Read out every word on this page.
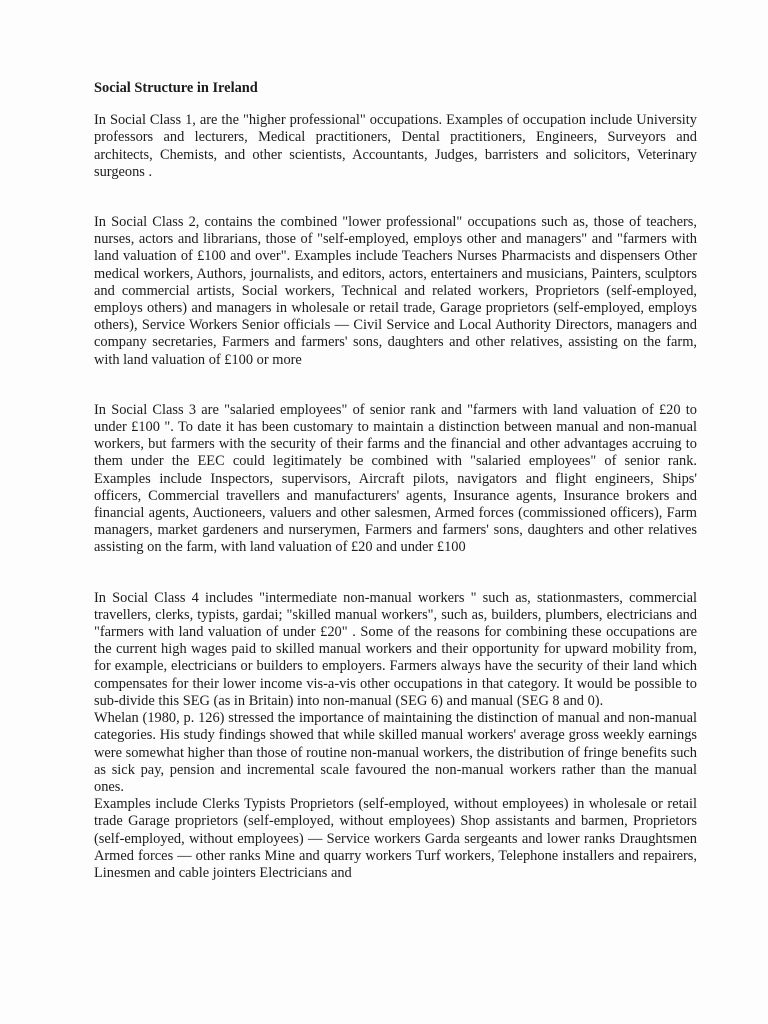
Social Structure in Ireland

In Social Class 1, are the "higher professional" occupations. Examples of occupation include University professors and lecturers, Medical practitioners, Dental practitioners, Engineers, Surveyors and architects, Chemists, and other scientists, Accountants, Judges, barristers and solicitors, Veterinary surgeons .

In Social Class 2, contains the combined "lower professional" occupations such as, those of teachers, nurses, actors and librarians, those of "self-employed, employs other and managers" and "farmers with land valuation of £100 and over". Examples include Teachers Nurses Pharmacists and dispensers Other medical workers, Authors, journalists, and editors, actors, entertainers and musicians, Painters, sculptors and commercial artists, Social workers, Technical and related workers, Proprietors (self-employed, employs others) and managers in wholesale or retail trade, Garage proprietors (self-employed, employs others), Service Workers Senior officials — Civil Service and Local Authority Directors, managers and company secretaries, Farmers and farmers' sons, daughters and other relatives, assisting on the farm, with land valuation of £100 or more

In Social Class 3 are "salaried employees" of senior rank and "farmers with land valuation of £20 to under £100 ". To date it has been customary to maintain a distinction between manual and non-manual workers, but farmers with the security of their farms and the financial and other advantages accruing to them under the EEC could legitimately be combined with "salaried employees" of senior rank. Examples include Inspectors, supervisors, Aircraft pilots, navigators and flight engineers, Ships' officers, Commercial travellers and manufacturers' agents, Insurance agents, Insurance brokers and financial agents, Auctioneers, valuers and other salesmen, Armed forces (commissioned officers), Farm managers, market gardeners and nurserymen, Farmers and farmers' sons, daughters and other relatives assisting on the farm, with land valuation of £20 and under £100

In Social Class 4 includes "intermediate non-manual workers " such as, stationmasters, commercial travellers, clerks, typists, gardai; "skilled manual workers", such as, builders, plumbers, electricians and "farmers with land valuation of under £20" . Some of the reasons for combining these occupations are the current high wages paid to skilled manual workers and their opportunity for upward mobility from, for example, electricians or builders to employers. Farmers always have the security of their land which compensates for their lower income vis-a-vis other occupations in that category. It would be possible to sub-divide this SEG (as in Britain) into non-manual (SEG 6) and manual (SEG 8 and 0).

Whelan (1980, p. 126) stressed the importance of maintaining the distinction of manual and non-manual categories. His study findings showed that while skilled manual workers' average gross weekly earnings were somewhat higher than those of routine non-manual workers, the distribution of fringe benefits such as sick pay, pension and incremental scale favoured the non-manual workers rather than the manual ones.

Examples include Clerks Typists Proprietors (self-employed, without employees) in wholesale or retail trade Garage proprietors (self-employed, without employees) Shop assistants and barmen, Proprietors (self-employed, without employees) — Service workers Garda sergeants and lower ranks Draughtsmen Armed forces — other ranks Mine and quarry workers Turf workers, Telephone installers and repairers, Linesmen and cable jointers Electricians and
